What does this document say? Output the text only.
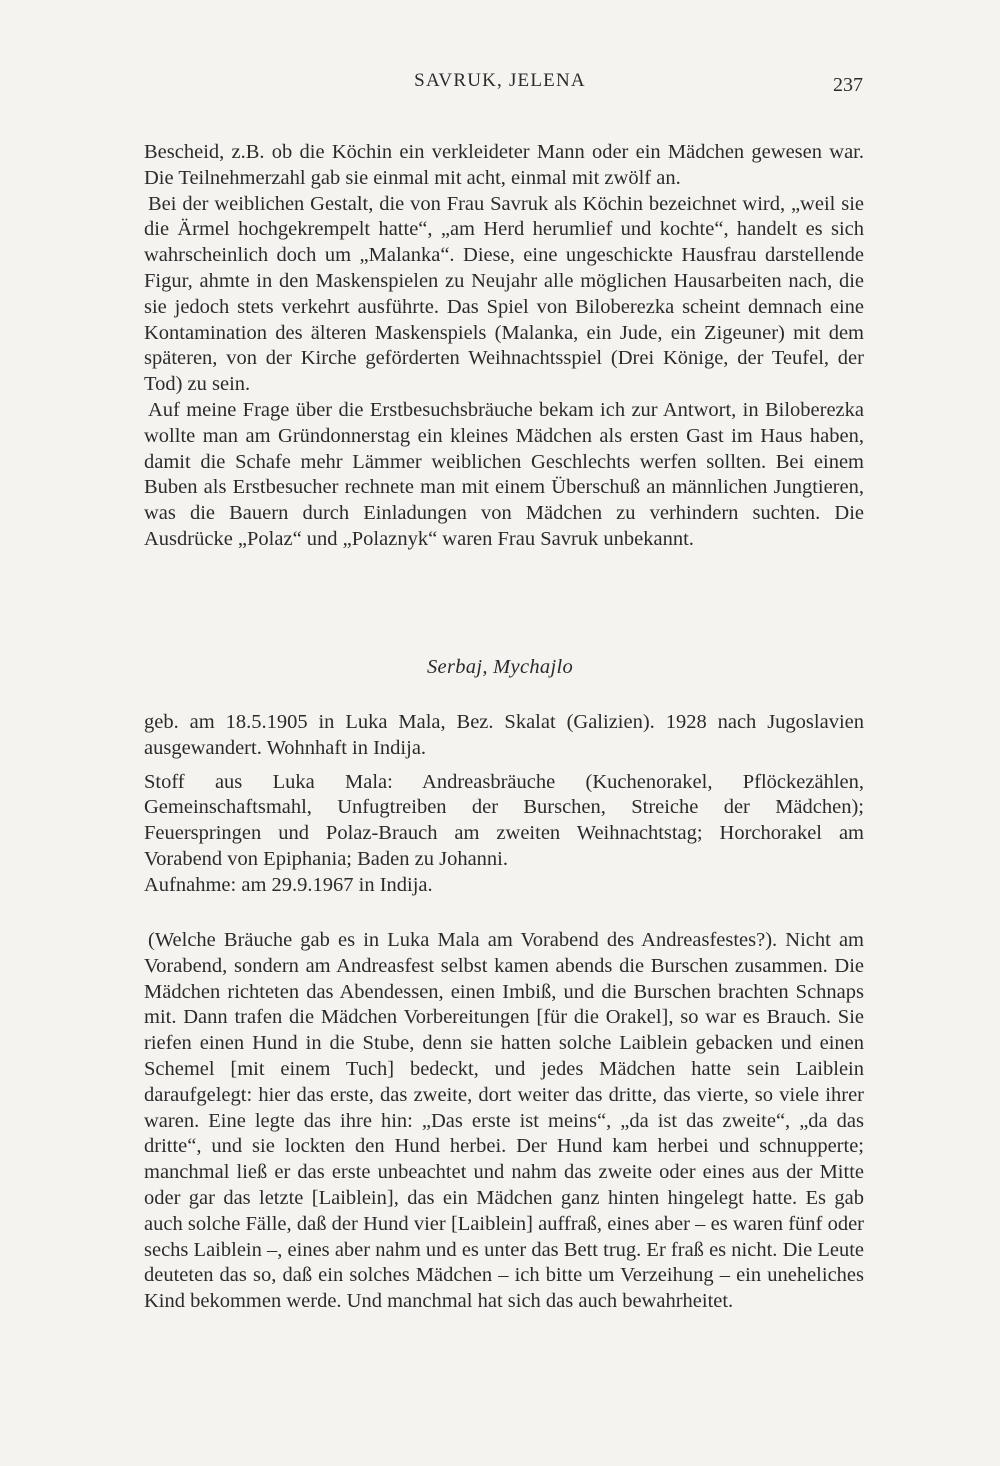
SAVRUK, JELENA	237

Bescheid, z.B. ob die Köchin ein verkleideter Mann oder ein Mädchen gewesen war. Die Teilnehmerzahl gab sie einmal mit acht, einmal mit zwölf an.

Bei der weiblichen Gestalt, die von Frau Savruk als Köchin bezeichnet wird, „weil sie die Ärmel hochgekrempelt hatte“, „am Herd herumlief und kochte“, handelt es sich wahrscheinlich doch um „Malanka“. Diese, eine ungeschickte Hausfrau darstellende Figur, ahmte in den Maskenspielen zu Neujahr alle möglichen Hausarbeiten nach, die sie jedoch stets verkehrt ausführte. Das Spiel von Biloberezka scheint demnach eine Kontamination des älteren Maskenspiels (Malanka, ein Jude, ein Zigeuner) mit dem späteren, von der Kirche geförderten Weihnachtsspiel (Drei Könige, der Teufel, der Tod) zu sein.

Auf meine Frage über die Erstbesuchsbräuche bekam ich zur Antwort, in Biloberezka wollte man am Gründonnerstag ein kleines Mädchen als ersten Gast im Haus haben, damit die Schafe mehr Lämmer weiblichen Geschlechts werfen sollten. Bei einem Buben als Erstbesucher rechnete man mit einem Überschuß an männlichen Jungtieren, was die Bauern durch Einladungen von Mädchen zu verhindern suchten. Die Ausdrücke „Polaz“ und „Polaznyk“ waren Frau Savruk unbekannt.

Serbaj, Mychajlo

geb. am 18.5.1905 in Luka Mala, Bez. Skalat (Galizien). 1928 nach Jugoslavien ausgewandert. Wohnhaft in Indija.

Stoff aus Luka Mala: Andreasbräuche (Kuchenorakel, Pflöckezählen, Gemeinschaftsmahl, Unfugtreiben der Burschen, Streiche der Mädchen); Feuerspringen und Polaz-Brauch am zweiten Weihnachtstag; Horchorakel am Vorabend von Epiphania; Baden zu Johanni.

Aufnahme: am 29.9.1967 in Indija.

(Welche Bräuche gab es in Luka Mala am Vorabend des Andreasfestes?). Nicht am Vorabend, sondern am Andreasfest selbst kamen abends die Burschen zusammen. Die Mädchen richteten das Abendessen, einen Imbiß, und die Burschen brachten Schnaps mit. Dann trafen die Mädchen Vorbereitungen [für die Orakel], so war es Brauch. Sie riefen einen Hund in die Stube, denn sie hatten solche Laiblein gebacken und einen Schemel [mit einem Tuch] bedeckt, und jedes Mädchen hatte sein Laiblein daraufgelegt: hier das erste, das zweite, dort weiter das dritte, das vierte, so viele ihrer waren. Eine legte das ihre hin: „Das erste ist meins“, „da ist das zweite“, „da das dritte“, und sie lockten den Hund herbei. Der Hund kam herbei und schnupperte; manchmal ließ er das erste unbeachtet und nahm das zweite oder eines aus der Mitte oder gar das letzte [Laiblein], das ein Mädchen ganz hinten hingelegt hatte. Es gab auch solche Fälle, daß der Hund vier [Laiblein] auffraß, eines aber – es waren fünf oder sechs Laiblein –, eines aber nahm und es unter das Bett trug. Er fraß es nicht. Die Leute deuteten das so, daß ein solches Mädchen – ich bitte um Verzeihung – ein uneheliches Kind bekommen werde. Und manchmal hat sich das auch bewahrheitet.
